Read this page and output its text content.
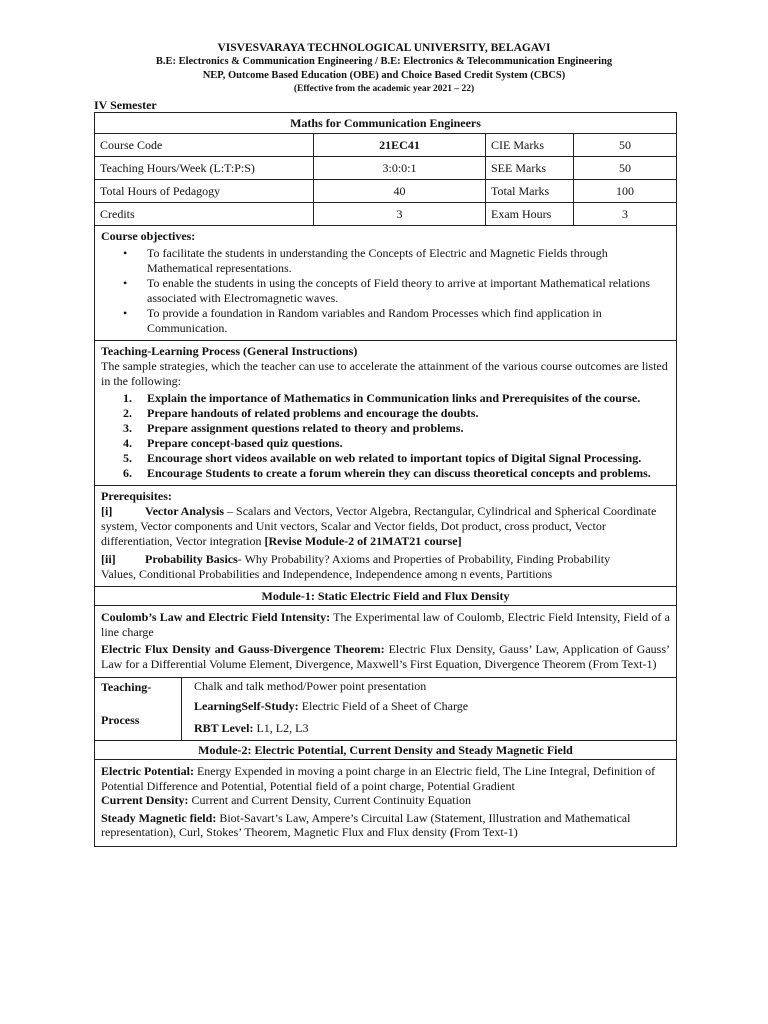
VISVESVARAYA TECHNOLOGICAL UNIVERSITY, BELAGAVI
B.E: Electronics & Communication Engineering / B.E: Electronics & Telecommunication Engineering
NEP, Outcome Based Education (OBE) and Choice Based Credit System (CBCS)
(Effective from the academic year 2021 – 22)
IV Semester
Maths for Communication Engineers
Course Code	21EC41	CIE Marks	50
Teaching Hours/Week (L:T:P:S)	3:0:0:1	SEE Marks	50
Total Hours of Pedagogy	40	Total Marks	100
Credits	3	Exam Hours	3
Course objectives:
• To facilitate the students in understanding the Concepts of Electric and Magnetic Fields through Mathematical representations.
• To enable the students in using the concepts of Field theory to arrive at important Mathematical relations associated with Electromagnetic waves.
• To provide a foundation in Random variables and Random Processes which find application in Communication.
Teaching-Learning Process (General Instructions)
The sample strategies, which the teacher can use to accelerate the attainment of the various course outcomes are listed in the following:
Explain the importance of Mathematics in Communication links and Prerequisites of the course.
Prepare handouts of related problems and encourage the doubts.
Prepare assignment questions related to theory and problems.
Prepare concept-based quiz questions.
Encourage short videos available on web related to important topics of Digital Signal Processing.
Encourage Students to create a forum wherein they can discuss theoretical concepts and problems.
Prerequisites:
[i]	Vector Analysis – Scalars and Vectors, Vector Algebra, Rectangular, Cylindrical and Spherical Coordinate system, Vector components and Unit vectors, Scalar and Vector fields, Dot product, cross product, Vector differentiation, Vector integration [Revise Module-2 of 21MAT21 course]
[ii] Probability Basics- Why Probability? Axioms and Properties of Probability, Finding Probability
Values, Conditional Probabilities and Independence, Independence among n events, Partitions
Module-1: Static Electric Field and Flux Density
Coulomb’s Law and Electric Field Intensity: The Experimental law of Coulomb, Electric Field Intensity, Field of a line charge
Electric Flux Density and Gauss-Divergence Theorem: Electric Flux Density, Gauss’ Law, Application of Gauss’ Law for a Differential Volume Element, Divergence, Maxwell’s First Equation, Divergence Theorem (From Text-1)
Teaching-
Process
Chalk and talk method/Power point presentation
LearningSelf-Study: Electric Field of a Sheet of Charge
RBT Level: L1, L2, L3
Module-2: Electric Potential, Current Density and Steady Magnetic Field
Electric Potential: Energy Expended in moving a point charge in an Electric field, The Line Integral, Definition of Potential Difference and Potential, Potential field of a point charge, Potential Gradient
Current Density: Current and Current Density, Current Continuity Equation
Steady Magnetic field: Biot-Savart’s Law, Ampere’s Circuital Law (Statement, Illustration and Mathematical representation), Curl, Stokes’ Theorem, Magnetic Flux and Flux density (From Text-1)
